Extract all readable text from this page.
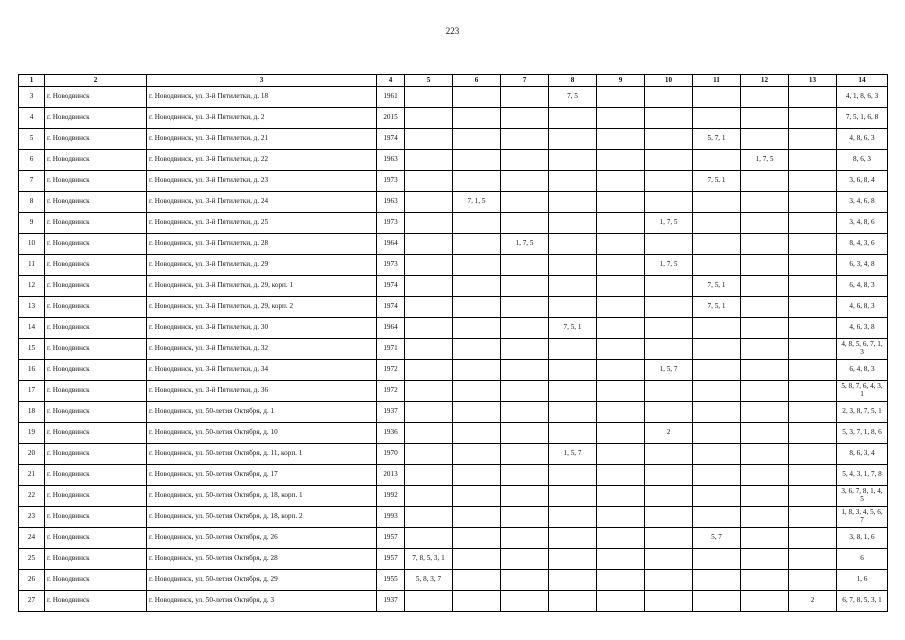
223
1	2	3	4	5	6	7	8	9	10	11	12	13	14
3	г. Новодвинск	г. Новодвинск, ул. 3-й Пятилетки, д. 18	1961				7, 5						4, 1, 8, 6, 3
4	г. Новодвинск	г. Новодвинск, ул. 3-й Пятилетки, д. 2	2015										7, 5, 1, 6, 8
5	г. Новодвинск	г. Новодвинск, ул. 3-й Пятилетки, д. 21	1974							5, 7, 1			4, 8, 6, 3
6	г. Новодвинск	г. Новодвинск, ул. 3-й Пятилетки, д. 22	1963								1, 7, 5		8, 6, 3
7	г. Новодвинск	г. Новодвинск, ул. 3-й Пятилетки, д. 23	1973							7, 5, 1			3, 6, 8, 4
8	г. Новодвинск	г. Новодвинск, ул. 3-й Пятилетки, д. 24	1963		7, 1, 5								3, 4, 6, 8
9	г. Новодвинск	г. Новодвинск, ул. 3-й Пятилетки, д. 25	1973						1, 7, 5				3, 4, 8, 6
10	г. Новодвинск	г. Новодвинск, ул. 3-й Пятилетки, д. 28	1964			1, 7, 5							8, 4, 3, 6
11	г. Новодвинск	г. Новодвинск, ул. 3-й Пятилетки, д. 29	1973						1, 7, 5				6, 3, 4, 8
12	г. Новодвинск	г. Новодвинск, ул. 3-й Пятилетки, д. 29, корп. 1	1974							7, 5, 1			6, 4, 8, 3
13	г. Новодвинск	г. Новодвинск, ул. 3-й Пятилетки, д. 29, корп. 2	1974							7, 5, 1			4, 6, 8, 3
14	г. Новодвинск	г. Новодвинск, ул. 3-й Пятилетки, д. 30	1964				7, 5, 1						4, 6, 3, 8
15	г. Новодвинск	г. Новодвинск, ул. 3-й Пятилетки, д. 32	1971										4, 8, 5, 6, 7, 1, 3
16	г. Новодвинск	г. Новодвинск, ул. 3-й Пятилетки, д. 34	1972						1, 5, 7				6, 4, 8, 3
17	г. Новодвинск	г. Новодвинск, ул. 3-й Пятилетки, д. 36	1972										5, 8, 7, 6, 4, 3, 1
18	г. Новодвинск	г. Новодвинск, ул. 50-летия Октября, д. 1	1937										2, 3, 8, 7, 5, 1
19	г. Новодвинск	г. Новодвинск, ул. 50-летия Октября, д. 10	1936						2				5, 3, 7, 1, 8, 6
20	г. Новодвинск	г. Новодвинск, ул. 50-летия Октября, д. 11, корп. 1	1970				1, 5, 7						8, 6, 3, 4
21	г. Новодвинск	г. Новодвинск, ул. 50-летия Октября, д. 17	2013										5, 4, 3, 1, 7, 8
22	г. Новодвинск	г. Новодвинск, ул. 50-летия Октября, д. 18, корп. 1	1992										3, 6, 7, 8, 1, 4, 5
23	г. Новодвинск	г. Новодвинск, ул. 50-летия Октября, д. 18, корп. 2	1993										1, 8, 3, 4, 5, 6, 7
24	г. Новодвинск	г. Новодвинск, ул. 50-летия Октября, д. 26	1957							5, 7			3, 8, 1, 6
25	г. Новодвинск	г. Новодвинск, ул. 50-летия Октября, д. 28	1957	7, 8, 5, 3, 1									6
26	г. Новодвинск	г. Новодвинск, ул. 50-летия Октября, д. 29	1955	5, 8, 3, 7									1, 6
27	г. Новодвинск	г. Новодвинск, ул. 50-летия Октября, д. 3	1937									2	6, 7, 8, 5, 3, 1
